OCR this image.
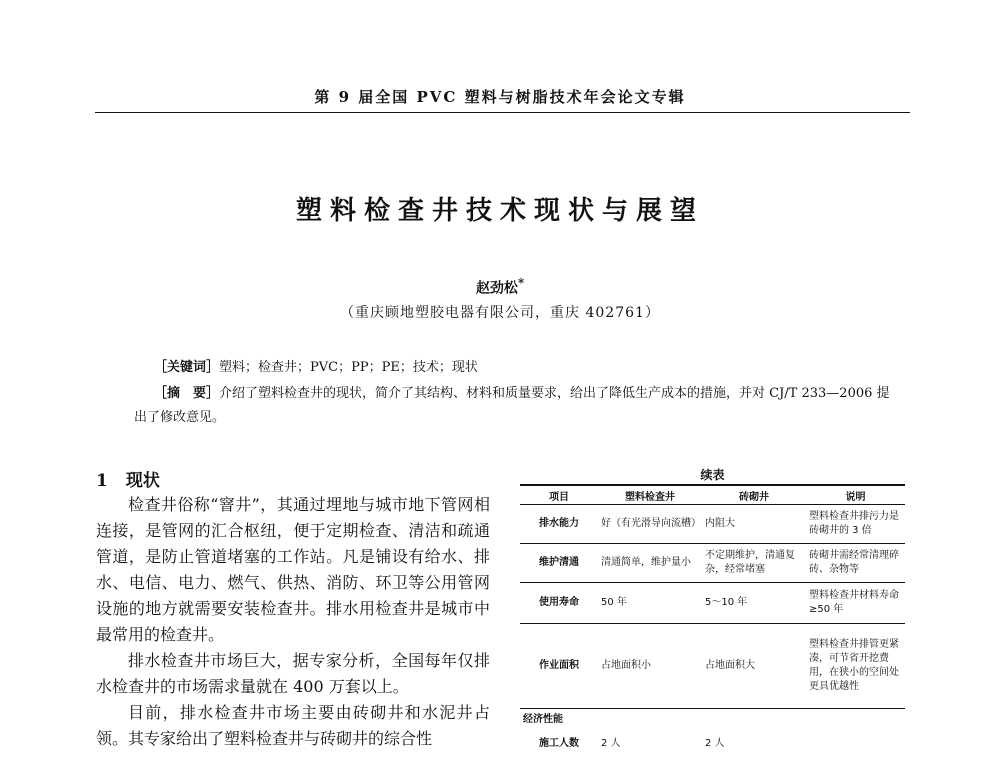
第 9 届全国 PVC 塑料与树脂技术年会论文专辑
塑料检查井技术现状与展望
赵劲松*
（重庆顾地塑胶电器有限公司，重庆 402761）
［关键词］塑料；检查井；PVC；PP；PE；技术；现状
［摘　要］介绍了塑料检查井的现状，简介了其结构、材料和质量要求，给出了降低生产成本的措施，并对 CJ/T 233—2006 提出了修改意见。
1 现状

检查井俗称“窨井”，其通过埋地与城市地下管网相连接，是管网的汇合枢纽，便于定期检查、清洁和疏通管道，是防止管道堵塞的工作站。凡是铺设有给水、排水、电信、电力、燃气、供热、消防、环卫等公用管网设施的地方就需要安装检查井。排水用检查井是城市中最常用的检查井。

排水检查井市场巨大，据专家分析，全国每年仅排水检查井的市场需求量就在 400 万套以上。

目前，排水检查井市场主要由砖砌井和水泥井占领。其专家给出了塑料检查井与砖砌井的综合性

续表
项目	塑料检查井	砖砌井	说明
排水能力	好（有光滑导向流槽）	内阻大	塑料检查井排污力是砖砌井的 3 倍
维护清通	清通简单，维护量小	不定期维护，清通复杂，经常堵塞	砖砌井需经常清理碎砖、杂物等
使用寿命	50 年	5～10 年	塑料检查井材料寿命≥50 年
作业面积	占地面积小	占地面积大	塑料检查井排管更紧凑，可节省开挖费用，在狭小的空间处更具优越性
经济性能			
施工人数	2 人	2 人	
